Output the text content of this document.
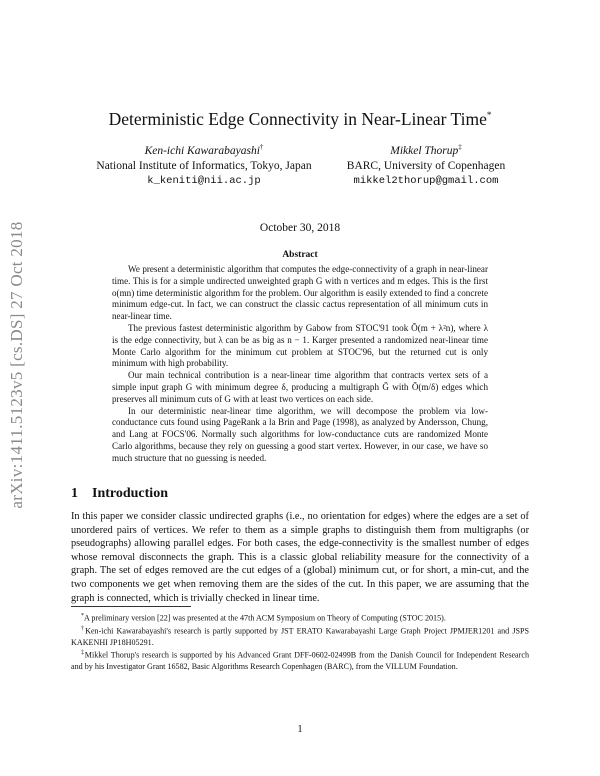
arXiv:1411.5123v5 [cs.DS] 27 Oct 2018
Deterministic Edge Connectivity in Near-Linear Time*
Ken-ichi Kawarabayashi†
National Institute of Informatics, Tokyo, Japan
k_keniti@nii.ac.jp
Mikkel Thorup‡
BARC, University of Copenhagen
mikkel2thorup@gmail.com
October 30, 2018
Abstract

We present a deterministic algorithm that computes the edge-connectivity of a graph in near-linear time. This is for a simple undirected unweighted graph G with n vertices and m edges. This is the first o(mn) time deterministic algorithm for the problem. Our algorithm is easily extended to find a concrete minimum edge-cut. In fact, we can construct the classic cactus representation of all minimum cuts in near-linear time.

The previous fastest deterministic algorithm by Gabow from STOC'91 took Õ(m + λ²n), where λ is the edge connectivity, but λ can be as big as n − 1. Karger presented a randomized near-linear time Monte Carlo algorithm for the minimum cut problem at STOC'96, but the returned cut is only minimum with high probability.

Our main technical contribution is a near-linear time algorithm that contracts vertex sets of a simple input graph G with minimum degree δ, producing a multigraph Ḡ with Õ(m/δ) edges which preserves all minimum cuts of G with at least two vertices on each side.

In our deterministic near-linear time algorithm, we will decompose the problem via low-conductance cuts found using PageRank a la Brin and Page (1998), as analyzed by Andersson, Chung, and Lang at FOCS'06. Normally such algorithms for low-conductance cuts are randomized Monte Carlo algorithms, because they rely on guessing a good start vertex. However, in our case, we have so much structure that no guessing is needed.

1 Introduction

In this paper we consider classic undirected graphs (i.e., no orientation for edges) where the edges are a set of unordered pairs of vertices. We refer to them as a simple graphs to distinguish them from multigraphs (or pseudographs) allowing parallel edges. For both cases, the edge-connectivity is the smallest number of edges whose removal disconnects the graph. This is a classic global reliability measure for the connectivity of a graph. The set of edges removed are the cut edges of a (global) minimum cut, or for short, a min-cut, and the two components we get when removing them are the sides of the cut. In this paper, we are assuming that the graph is connected, which is trivially checked in linear time.

*A preliminary version [22] was presented at the 47th ACM Symposium on Theory of Computing (STOC 2015).

†Ken-ichi Kawarabayashi's research is partly supported by JST ERATO Kawarabayashi Large Graph Project JPMJER1201 and JSPS KAKENHI JP18H05291.

‡Mikkel Thorup's research is supported by his Advanced Grant DFF-0602-02499B from the Danish Council for Independent Research and by his Investigator Grant 16582, Basic Algorithms Research Copenhagen (BARC), from the VILLUM Foundation.

1
